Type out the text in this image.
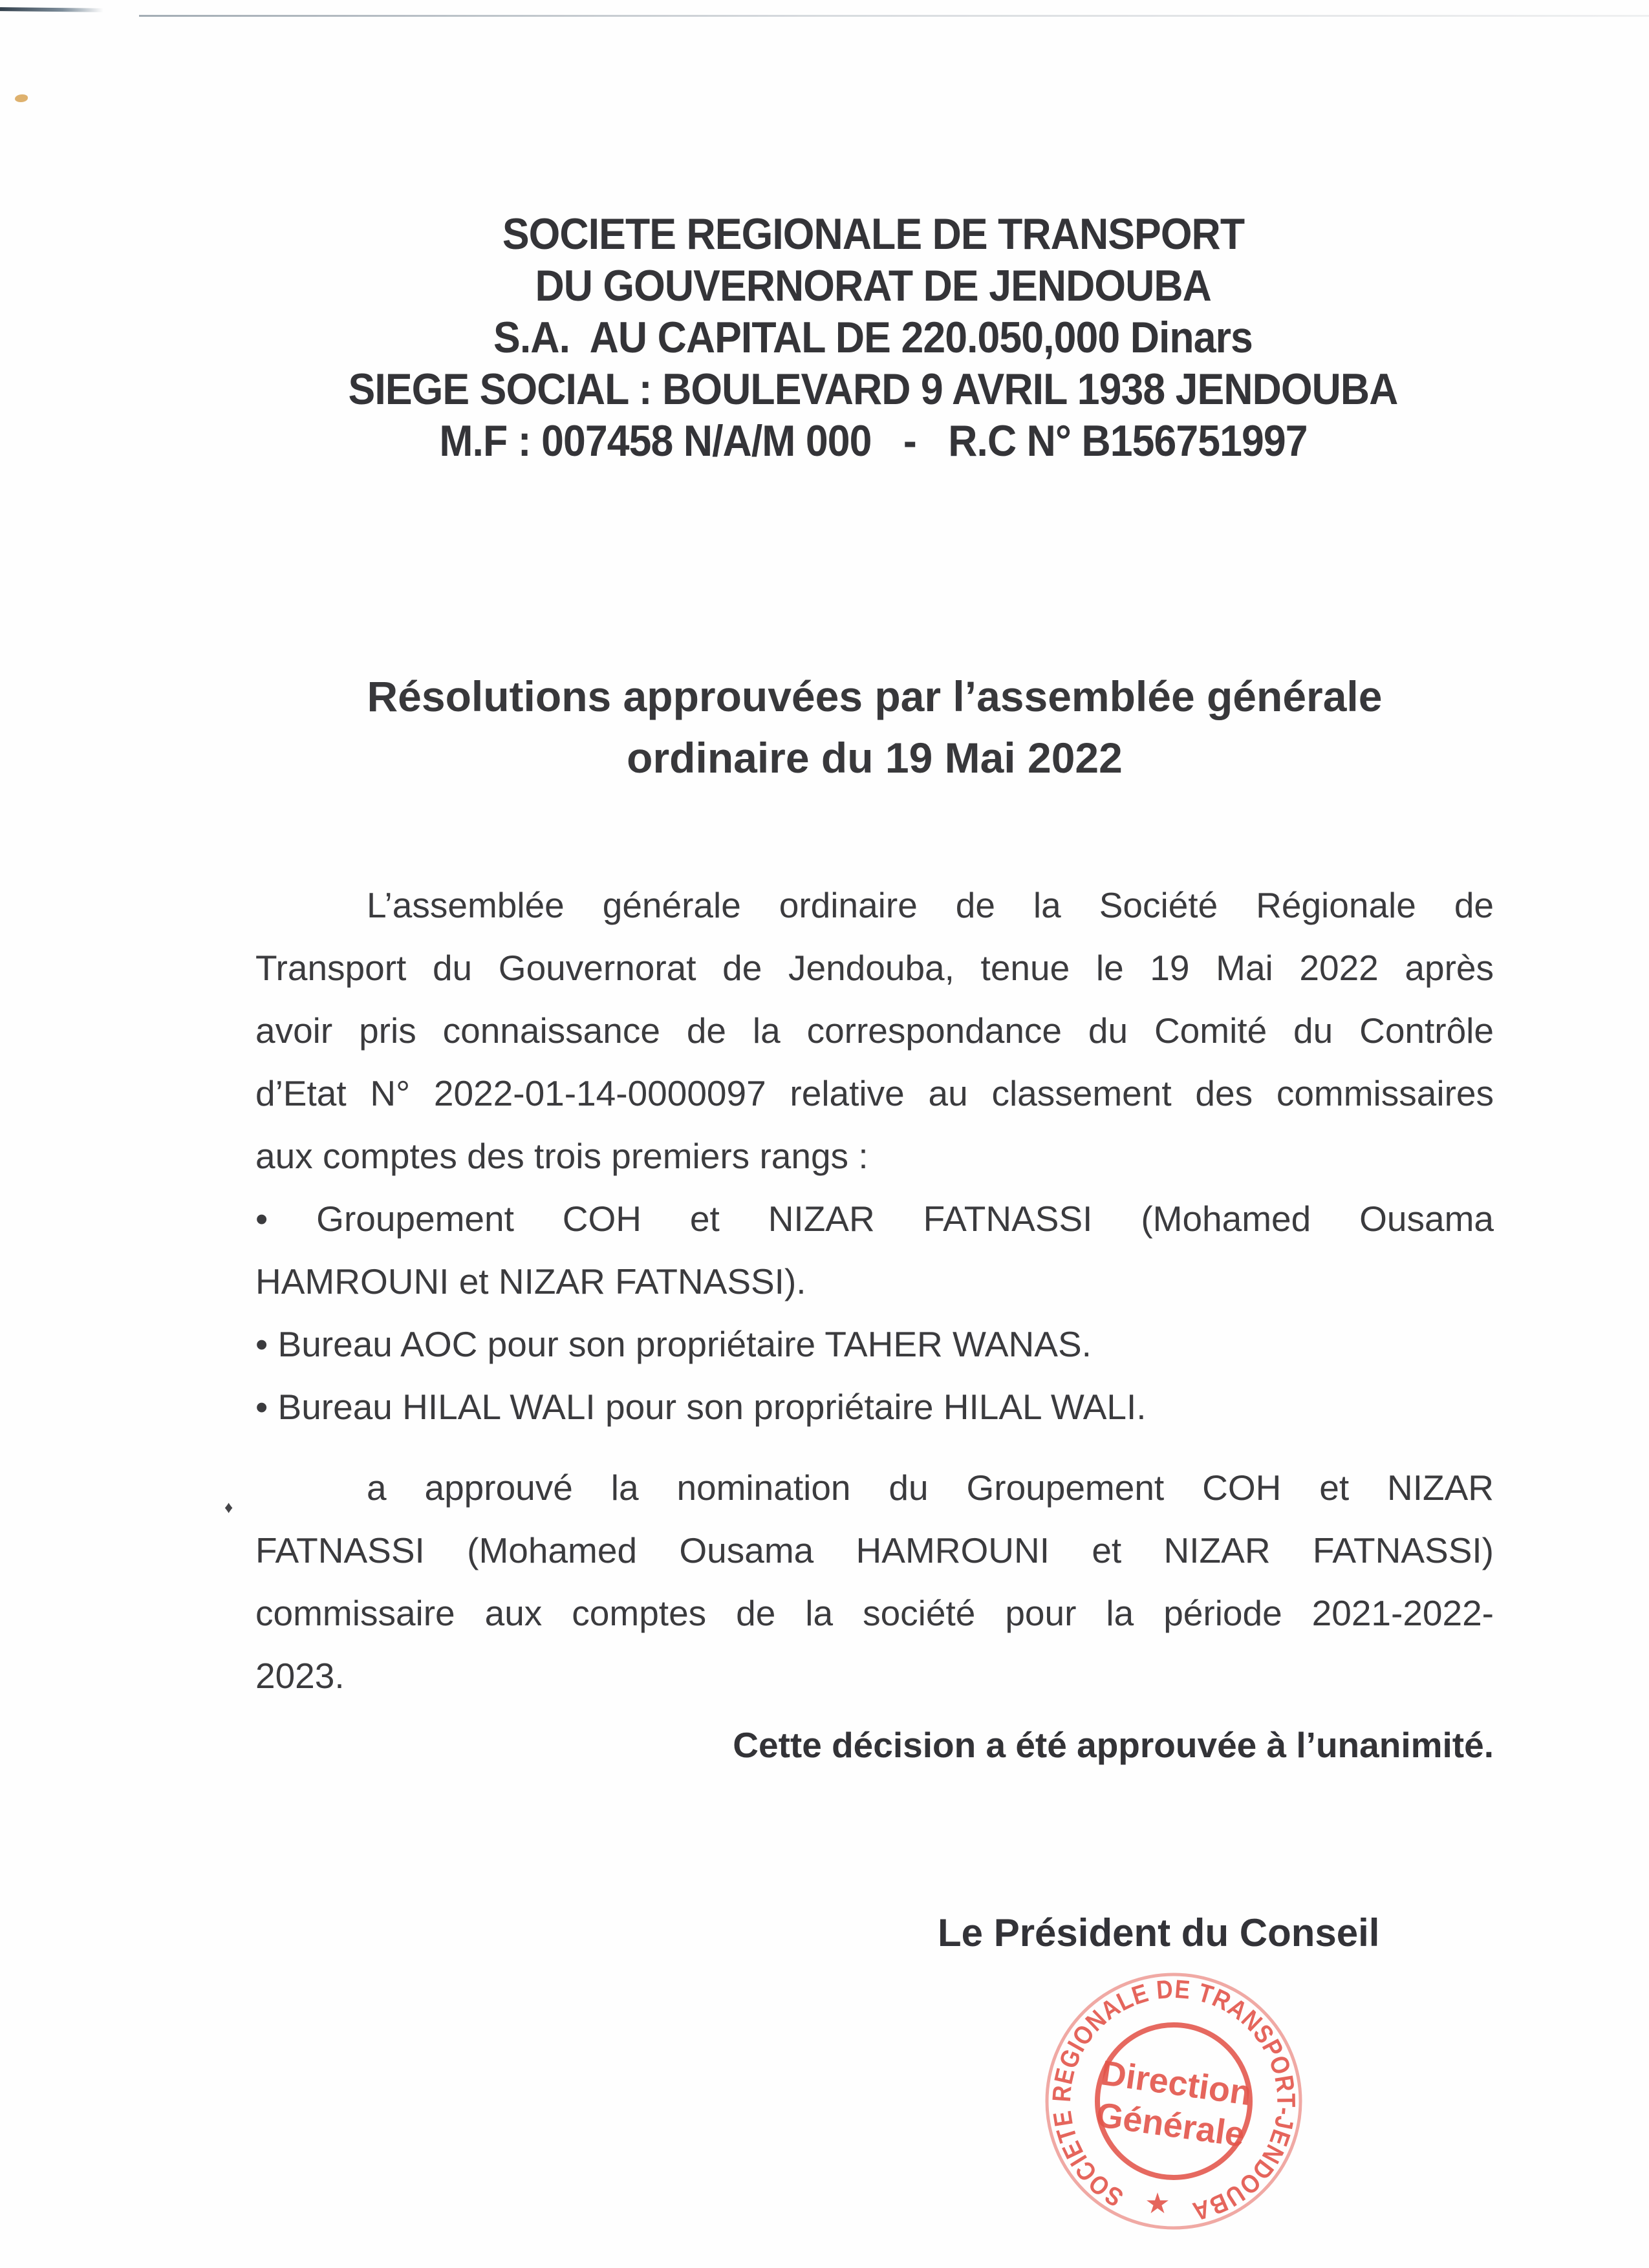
SOCIETE REGIONALE DE TRANSPORT
DU GOUVERNORAT DE JENDOUBA
S.A.  AU CAPITAL DE 220.050,000 Dinars
SIEGE SOCIAL : BOULEVARD 9 AVRIL 1938 JENDOUBA
M.F : 007458 N/A/M 000   -   R.C N° B156751997
Résolutions approuvées par l’assemblée générale
ordinaire du 19 Mai 2022
L’assemblée générale ordinaire de la Société Régionale de
Transport du Gouvernorat de Jendouba, tenue le 19 Mai 2022 après
avoir pris connaissance de la correspondance du Comité du Contrôle
d’Etat N° 2022-01-14-0000097 relative au classement des commissaires
aux comptes des trois premiers rangs :
• Groupement COH et NIZAR FATNASSI (Mohamed Ousama
HAMROUNI et NIZAR FATNASSI).
• Bureau AOC pour son propriétaire TAHER WANAS.
• Bureau HILAL WALI pour son propriétaire HILAL WALI.
♦	a approuvé la nomination du Groupement COH et NIZAR
FATNASSI (Mohamed Ousama HAMROUNI et NIZAR FATNASSI)
commissaire aux comptes de la société pour la période 2021-2022-
2023.
Cette décision a été approuvée à l’unanimité.
Le Président du Conseil
SOCIETE REGIONALE DE TRANSPORT-JENDOUBA
★
Direction
Générale
